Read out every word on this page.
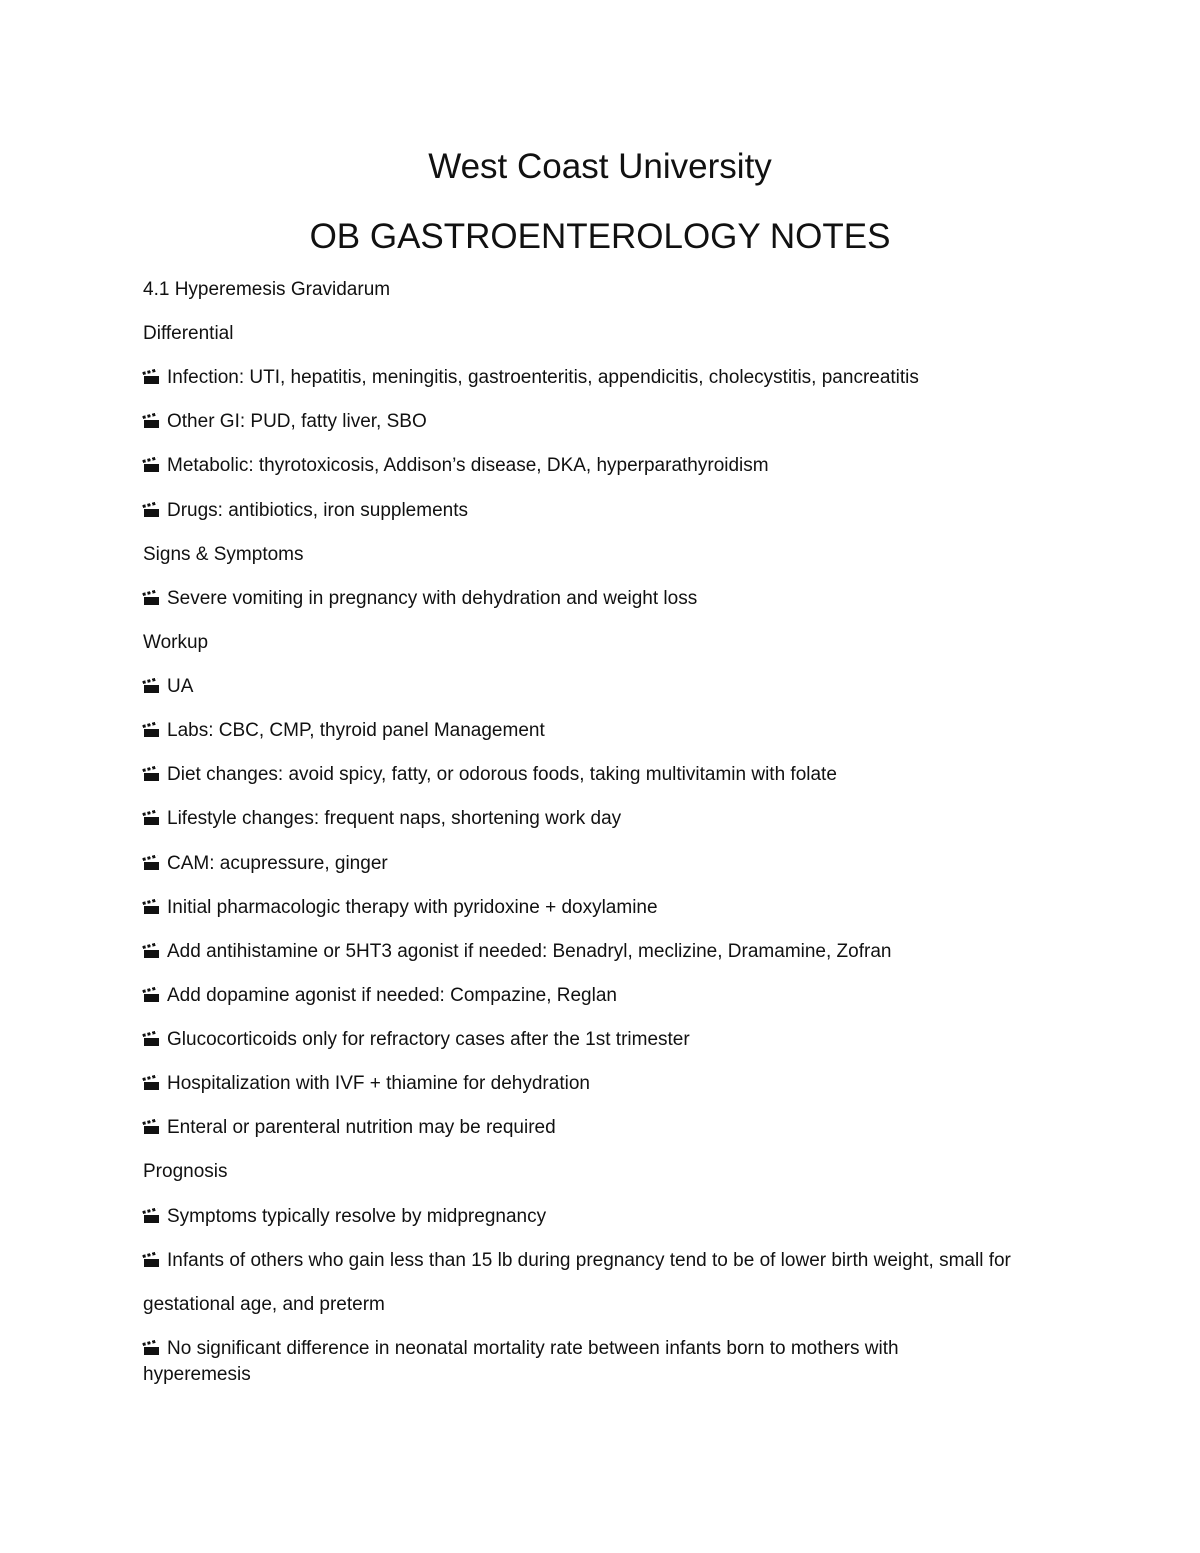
West Coast University
OB GASTROENTEROLOGY NOTES

4.1 Hyperemesis Gravidarum

Differential

Infection: UTI, hepatitis, meningitis, gastroenteritis, appendicitis, cholecystitis, pancreatitis

Other GI: PUD, fatty liver, SBO

Metabolic: thyrotoxicosis, Addison’s disease, DKA, hyperparathyroidism

Drugs: antibiotics, iron supplements

Signs & Symptoms

Severe vomiting in pregnancy with dehydration and weight loss

Workup

UA

Labs: CBC, CMP, thyroid panel Management

Diet changes: avoid spicy, fatty, or odorous foods, taking multivitamin with folate

Lifestyle changes: frequent naps, shortening work day

CAM: acupressure, ginger

Initial pharmacologic therapy with pyridoxine + doxylamine

Add antihistamine or 5HT3 agonist if needed: Benadryl, meclizine, Dramamine, Zofran

Add dopamine agonist if needed: Compazine, Reglan

Glucocorticoids only for refractory cases after the 1st trimester

Hospitalization with IVF + thiamine for dehydration

Enteral or parenteral nutrition may be required

Prognosis

Symptoms typically resolve by midpregnancy

Infants of others who gain less than 15 lb during pregnancy tend to be of lower birth weight, small for

gestational age, and preterm

No significant difference in neonatal mortality rate between infants born to mothers with hyperemesis
